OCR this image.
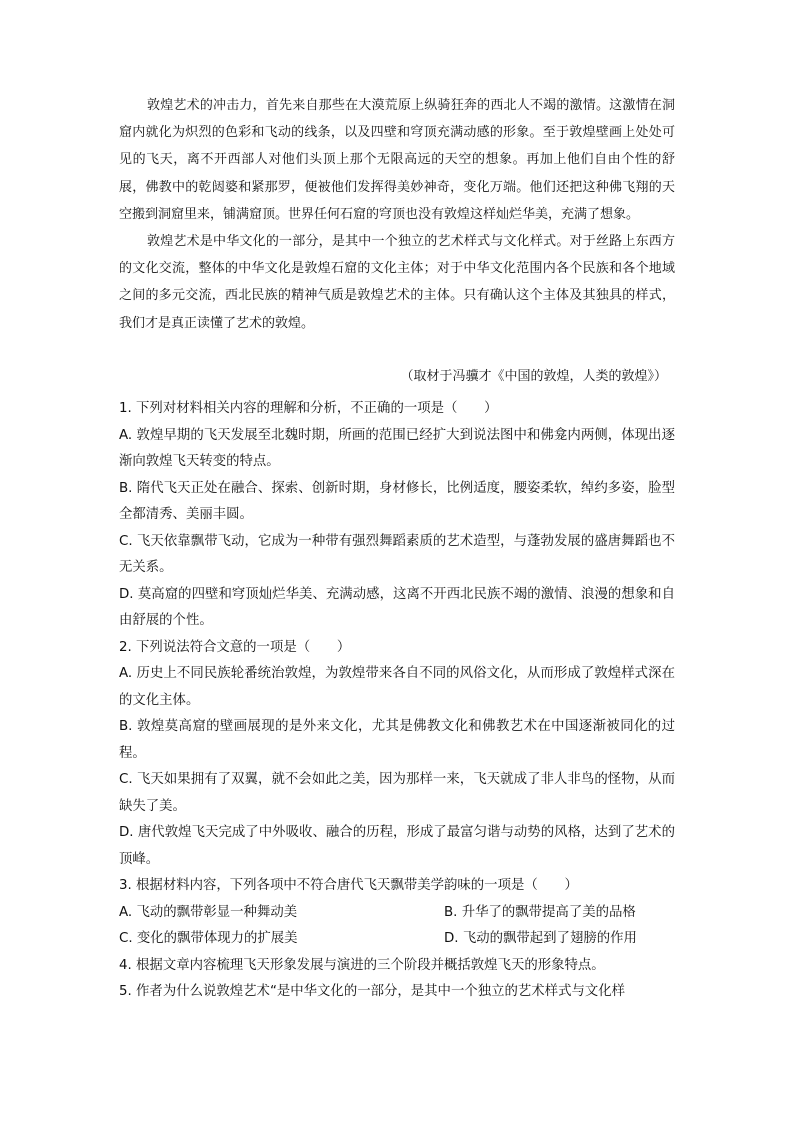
敦煌艺术的冲击力，首先来自那些在大漠荒原上纵骑狂奔的西北人不竭的激情。这激情在洞窟内就化为炽烈的色彩和飞动的线条，以及四壁和穹顶充满动感的形象。至于敦煌壁画上处处可见的飞天，离不开西部人对他们头顶上那个无限高远的天空的想象。再加上他们自由个性的舒展，佛教中的乾闼婆和紧那罗，便被他们发挥得美妙神奇，变化万端。他们还把这种佛飞翔的天空搬到洞窟里来，铺满窟顶。世界任何石窟的穹顶也没有敦煌这样灿烂华美，充满了想象。

敦煌艺术是中华文化的一部分，是其中一个独立的艺术样式与文化样式。对于丝路上东西方的文化交流，整体的中华文化是敦煌石窟的文化主体；对于中华文化范围内各个民族和各个地域之间的多元交流，西北民族的精神气质是敦煌艺术的主体。只有确认这个主体及其独具的样式，我们才是真正读懂了艺术的敦煌。

（取材于冯骥才《中国的敦煌，人类的敦煌》）

1. 下列对材料相关内容的理解和分析，不正确的一项是（　　）

A. 敦煌早期的飞天发展至北魏时期，所画的范围已经扩大到说法图中和佛龛内两侧，体现出逐渐向敦煌飞天转变的特点。

B. 隋代飞天正处在融合、探索、创新时期，身材修长，比例适度，腰姿柔软，绰约多姿，脸型全都清秀、美丽丰圆。

C. 飞天依靠飘带飞动，它成为一种带有强烈舞蹈素质的艺术造型，与蓬勃发展的盛唐舞蹈也不无关系。

D. 莫高窟的四壁和穹顶灿烂华美、充满动感，这离不开西北民族不竭的激情、浪漫的想象和自由舒展的个性。

2. 下列说法符合文意的一项是（　　）

A. 历史上不同民族轮番统治敦煌，为敦煌带来各自不同的风俗文化，从而形成了敦煌样式深在的文化主体。

B. 敦煌莫高窟的壁画展现的是外来文化，尤其是佛教文化和佛教艺术在中国逐渐被同化的过程。

C. 飞天如果拥有了双翼，就不会如此之美，因为那样一来，飞天就成了非人非鸟的怪物，从而缺失了美。

D. 唐代敦煌飞天完成了中外吸收、融合的历程，形成了最富匀谐与动势的风格，达到了艺术的顶峰。

3. 根据材料内容，下列各项中不符合唐代飞天飘带美学韵味的一项是（　　）

A. 飞动的飘带彰显一种舞动美	B. 升华了的飘带提高了美的品格
C. 变化的飘带体现力的扩展美	D. 飞动的飘带起到了翅膀的作用

4. 根据文章内容梳理飞天形象发展与演进的三个阶段并概括敦煌飞天的形象特点。

5. 作者为什么说敦煌艺术“是中华文化的一部分，是其中一个独立的艺术样式与文化样
